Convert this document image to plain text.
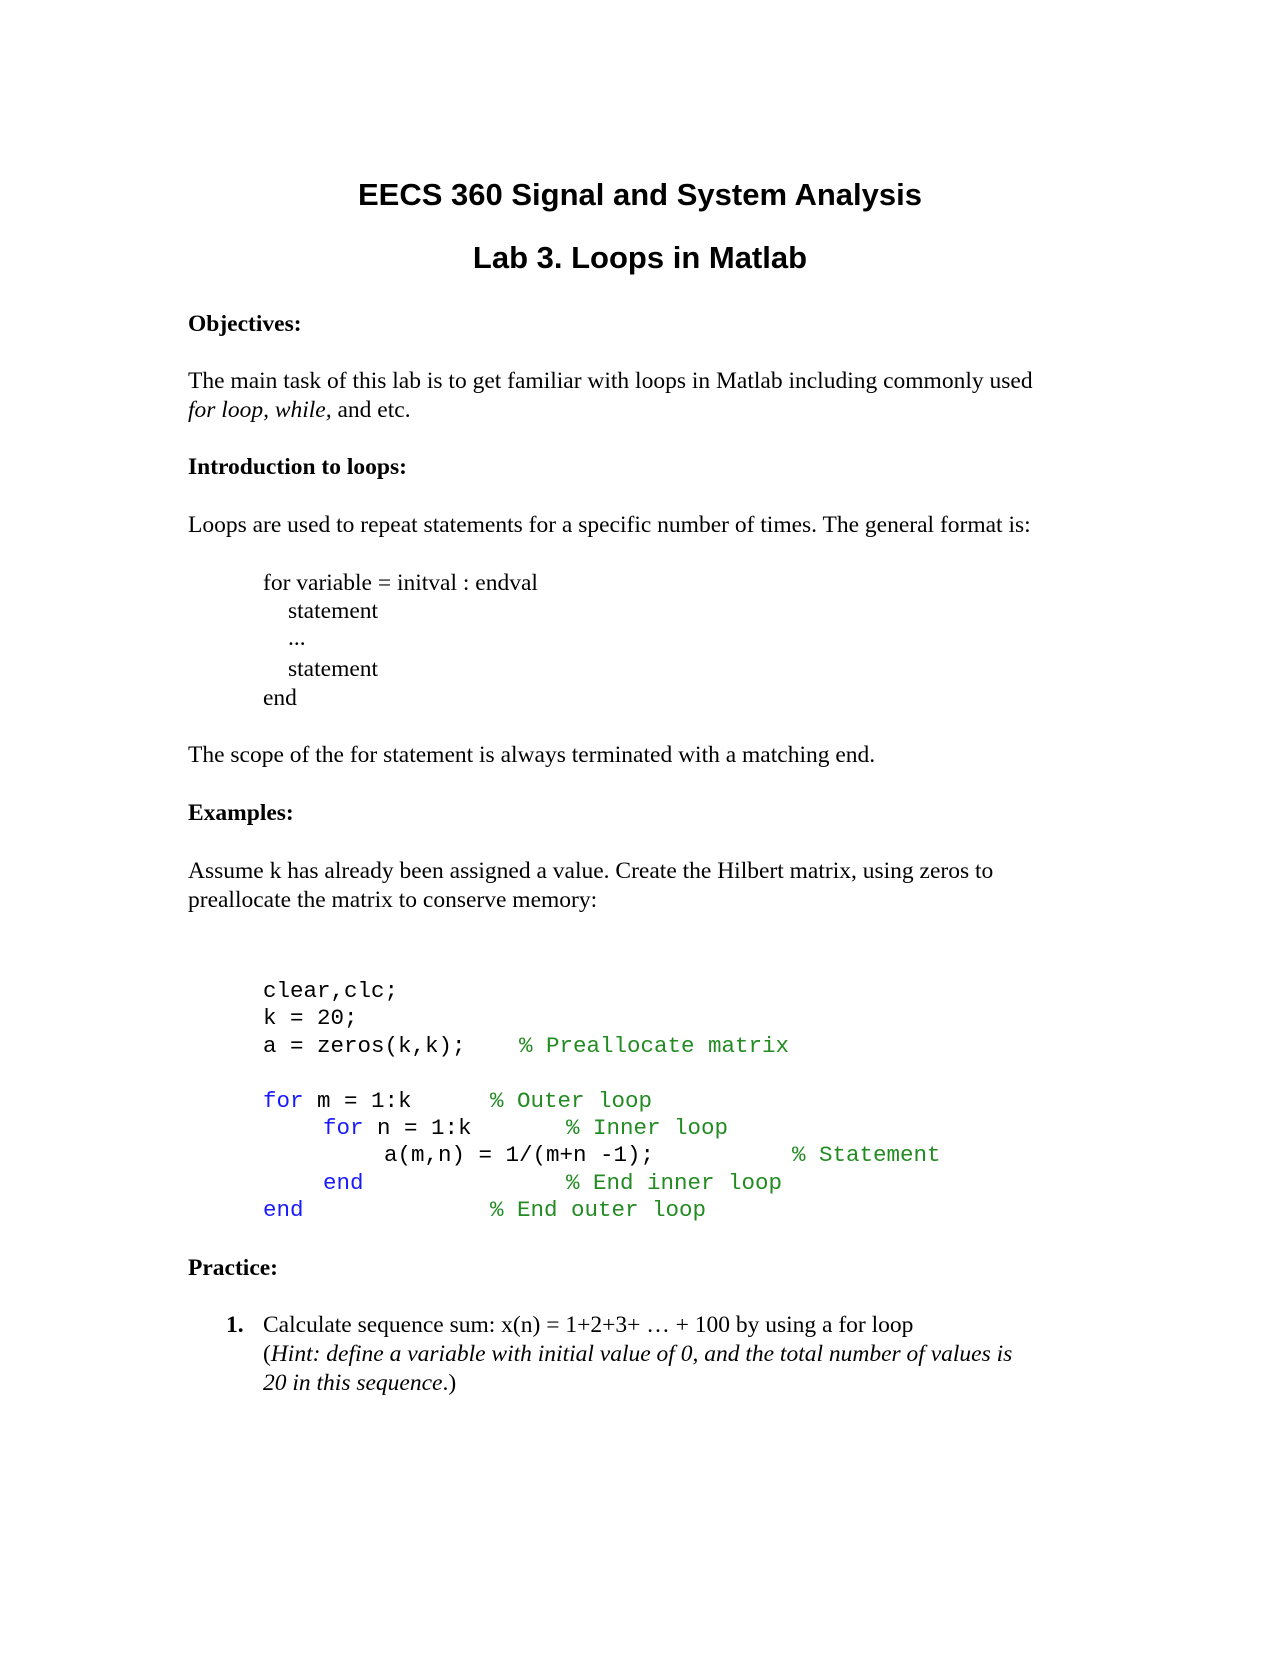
EECS 360 Signal and System Analysis
Lab 3. Loops in Matlab

Objectives:

The main task of this lab is to get familiar with loops in Matlab including commonly used

for loop, while, and etc.

Introduction to loops:

Loops are used to repeat statements for a specific number of times. The general format is:

for variable = initval : endval

statement

...

statement

end

The scope of the for statement is always terminated with a matching end.

Examples:

Assume k has already been assigned a value. Create the Hilbert matrix, using zeros to

preallocate the matrix to conserve memory:

clear,clc;
k = 20;
a = zeros(k,k); % Preallocate matrix
for m = 1:k	% Outer loop
for n = 1:k	% Inner loop
a(m,n) = 1/(m+n -1);	% Statement
end	% End inner loop
end	% End outer loop

Practice:

1. Calculate sequence sum: x(n) = 1+2+3+ … + 100 by using a for loop

(Hint: define a variable with initial value of 0, and the total number of values is

20 in this sequence.)
